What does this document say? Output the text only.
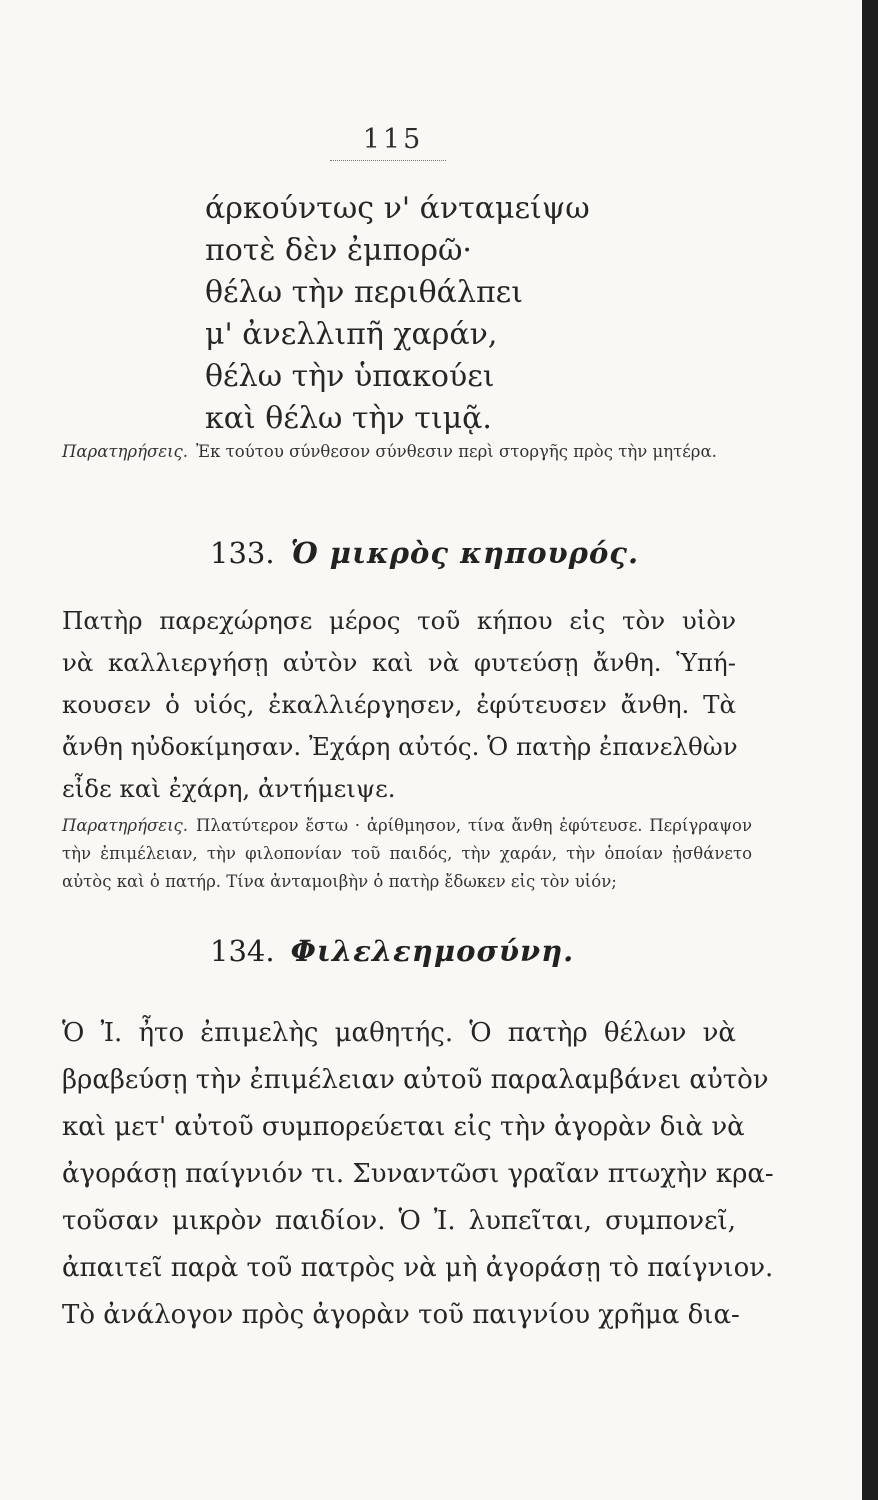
115
άρκούντως ν' άνταμείψω
ποτὲ δὲν ἐμπορῶ·
θέλω τὴν περιθάλπει
μ' ἀνελλιπῆ χαράν,
θέλω τὴν ὑπακούει
καὶ θέλω τὴν τιμᾷ.
Παρατηρήσεις. Ἐκ τούτου σύνθεσον σύνθεσιν περὶ στοργῆς πρὸς τὴν μητέρα.
133. Ὁ μικρὸς κηπουρός.
Πατὴρ παρεχώρησε μέρος τοῦ κήπου εἰς τὸν υἱὸν
νὰ καλλιεργήσῃ αὐτὸν καὶ νὰ φυτεύσῃ ἄνθη. Ὑπή-
κουσεν ὁ υἱός, ἐκαλλιέργησεν, ἐφύτευσεν ἄνθη. Τὰ
ἄνθη ηὐδοκίμησαν. Ἐχάρη αὐτός. Ὁ πατὴρ ἐπανελθὼν
εἶδε καὶ ἐχάρη, ἀντήμειψε.
Παρατηρήσεις. Πλατύτερον ἔστω · ἀρίθμησον, τίνα ἄνθη ἐφύτευσε. Περίγραψον τὴν ἐπιμέλειαν, τὴν φιλοπονίαν τοῦ παιδός, τὴν χαράν, τὴν ὁποίαν ᾐσθάνετο αὐτὸς καὶ ὁ πατήρ. Τίνα ἀνταμοιβὴν ὁ πατὴρ ἔδωκεν εἰς τὸν υἱόν;
134. Φιλελεημοσύνη.
Ὁ Ἰ. ἦτο ἐπιμελὴς μαθητής. Ὁ πατὴρ θέλων νὰ
βραβεύσῃ τὴν ἐπιμέλειαν αὐτοῦ παραλαμβάνει αὐτὸν
καὶ μετ' αὐτοῦ συμπορεύεται εἰς τὴν ἀγορὰν διὰ νὰ
ἀγοράσῃ παίγνιόν τι. Συναντῶσι γραῖαν πτωχὴν κρα-
τοῦσαν μικρὸν παιδίον. Ὁ Ἰ. λυπεῖται, συμπονεῖ,
ἀπαιτεῖ παρὰ τοῦ πατρὸς νὰ μὴ ἀγοράσῃ τὸ παίγνιον.
Τὸ ἀνάλογον πρὸς ἀγορὰν τοῦ παιγνίου χρῆμα δια-
